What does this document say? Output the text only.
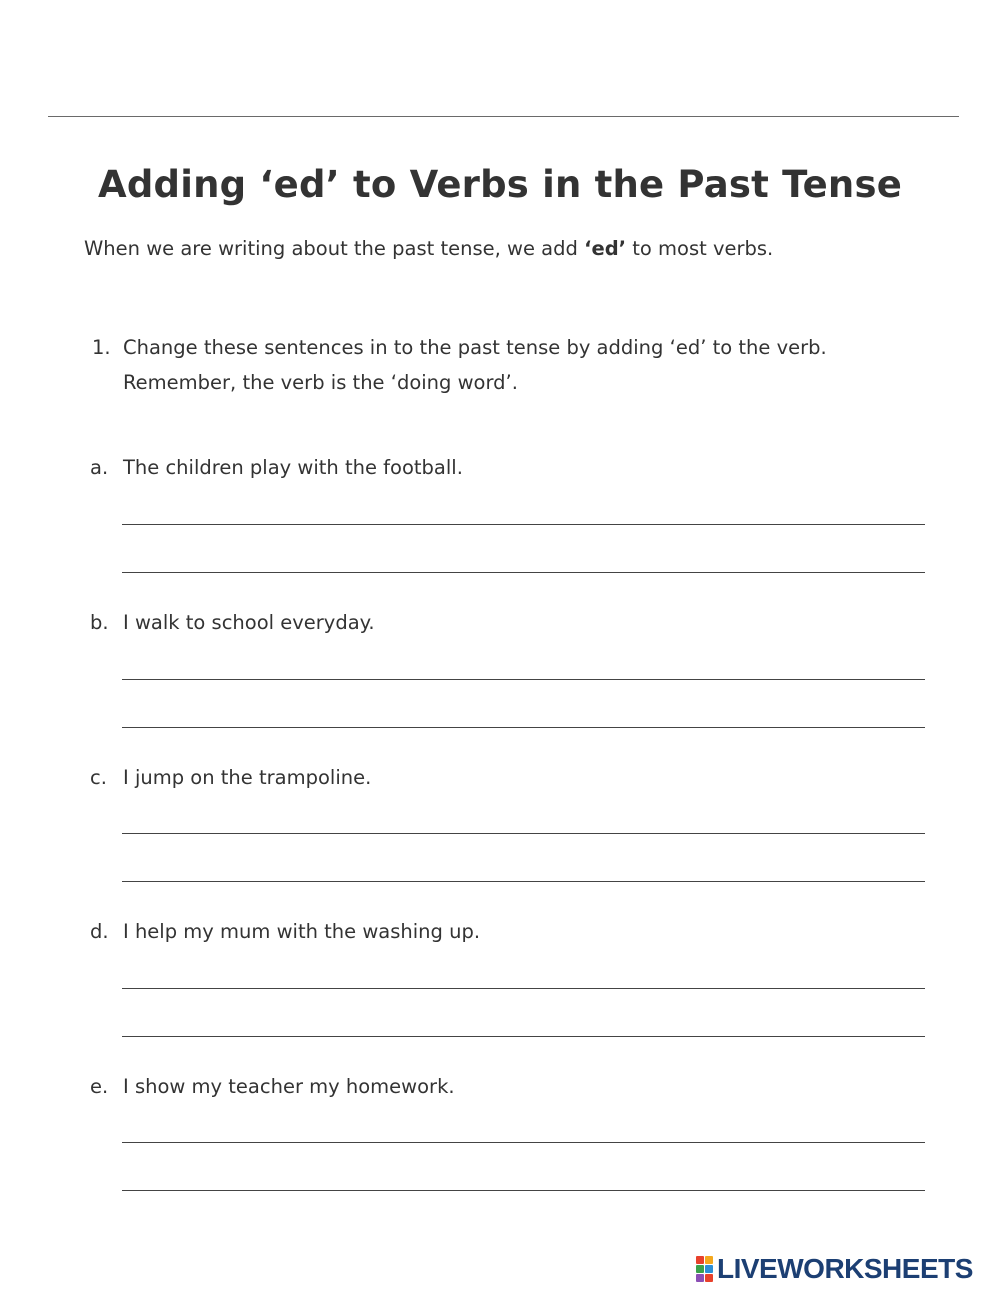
Adding ‘ed’ to Verbs in the Past Tense
When we are writing about the past tense, we add ‘ed’ to most verbs.
1. Change these sentences in to the past tense by adding ‘ed’ to the verb.
Remember, the verb is the ‘doing word’.
a. The children play with the football.
b. I walk to school everyday.
c. I jump on the trampoline.
d. I help my mum with the washing up.
e. I show my teacher my homework.
LIVEWORKSHEETS
